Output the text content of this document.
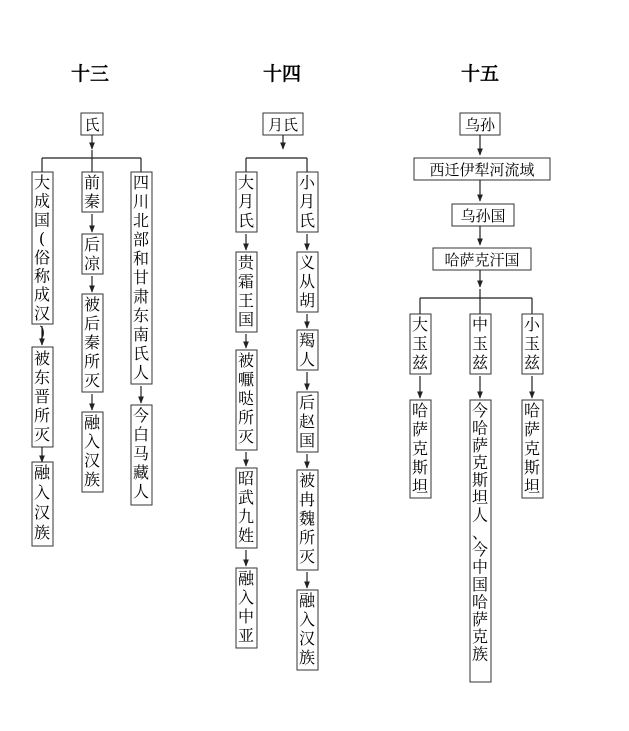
十三
氏
大成国(俗称成汉)
被东晋所灭
融入汉族
前秦
后凉
被后秦所灭
融入汉族
四川北部和甘肃东南氏人
今白马藏人
十四
月氏
大月氏
贵霜王国
被嚈哒所灭
昭武九姓
融入中亚
小月氏
义从胡
羯人
后赵国
被冉魏所灭
融入汉族
十五
乌孙
西迁伊犁河流域
乌孙国
哈萨克汗国
大玉兹
哈萨克斯坦
中玉兹
今哈萨克斯坦人、今中国哈萨克族
小玉兹
哈萨克斯坦
